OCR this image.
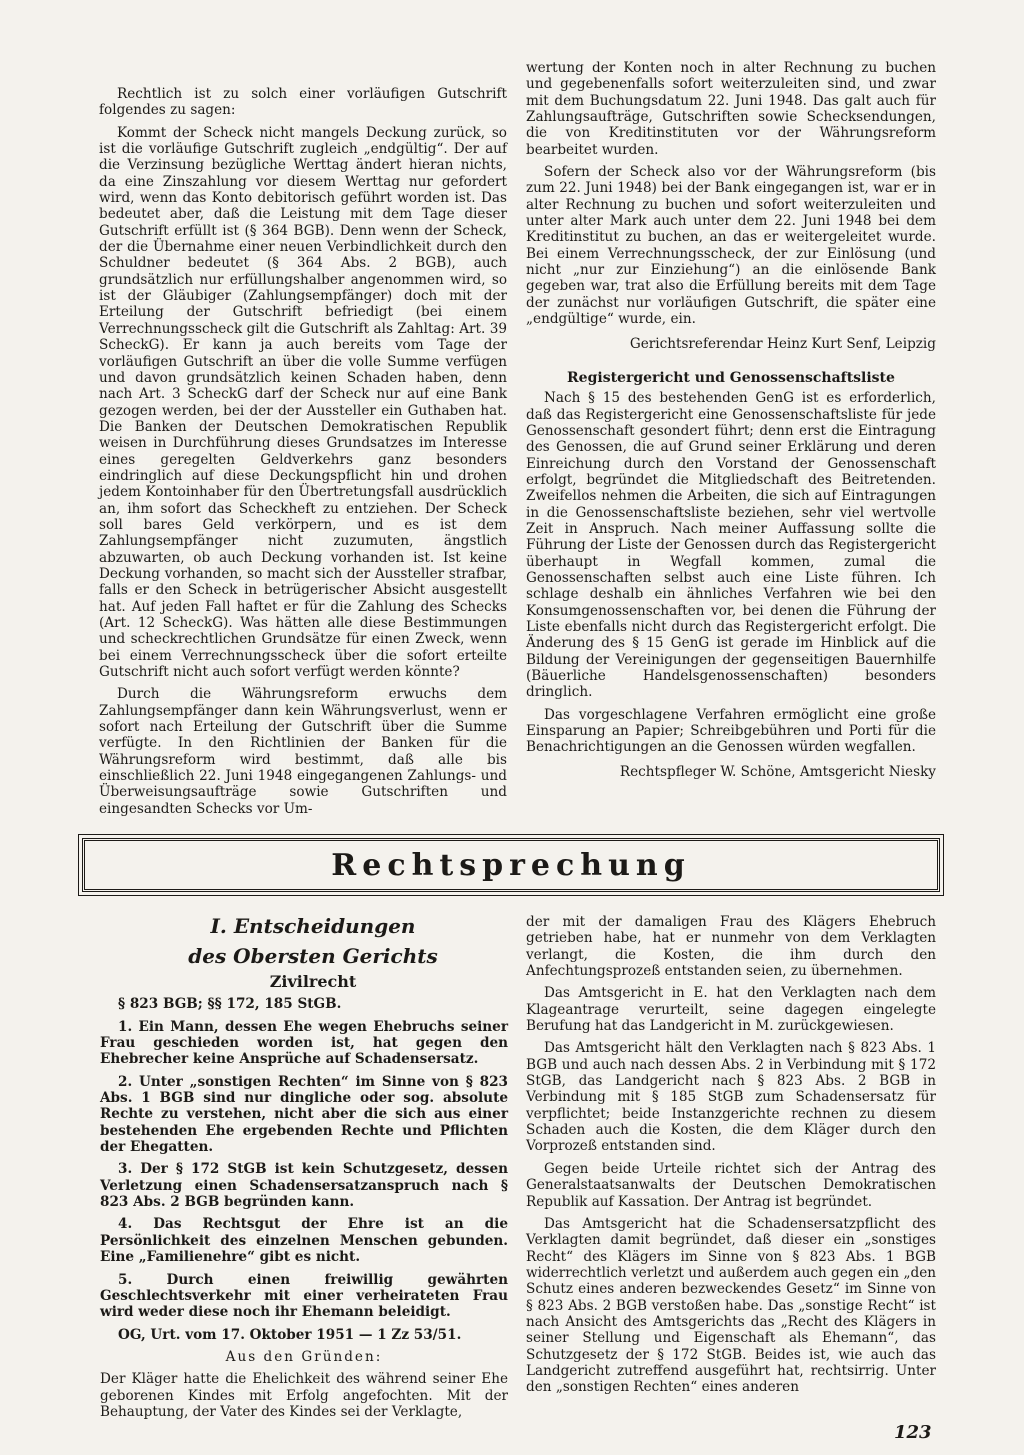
Rechtlich ist zu solch einer vorläufigen Gutschrift folgendes zu sagen:

Kommt der Scheck nicht mangels Deckung zurück, so ist die vorläufige Gutschrift zugleich „endgültig“. Der auf die Verzinsung bezügliche Werttag ändert hieran nichts, da eine Zinszahlung vor diesem Werttag nur gefordert wird, wenn das Konto debitorisch geführt worden ist. Das bedeutet aber, daß die Leistung mit dem Tage dieser Gutschrift erfüllt ist (§ 364 BGB). Denn wenn der Scheck, der die Übernahme einer neuen Verbindlichkeit durch den Schuldner bedeutet (§ 364 Abs. 2 BGB), auch grundsätzlich nur erfüllungshalber angenommen wird, so ist der Gläubiger (Zahlungsempfänger) doch mit der Erteilung der Gutschrift befriedigt (bei einem Verrechnungsscheck gilt die Gutschrift als Zahltag: Art. 39 ScheckG). Er kann ja auch bereits vom Tage der vorläufigen Gutschrift an über die volle Summe verfügen und davon grundsätzlich keinen Schaden haben, denn nach Art. 3 ScheckG darf der Scheck nur auf eine Bank gezogen werden, bei der der Aussteller ein Guthaben hat. Die Banken der Deutschen Demokratischen Republik weisen in Durchführung dieses Grundsatzes im Interesse eines geregelten Geldverkehrs ganz besonders eindringlich auf diese Deckungspflicht hin und drohen jedem Kontoinhaber für den Übertretungsfall ausdrücklich an, ihm sofort das Scheckheft zu entziehen. Der Scheck soll bares Geld verkörpern, und es ist dem Zahlungsempfänger nicht zuzumuten, ängstlich abzuwarten, ob auch Deckung vorhanden ist. Ist keine Deckung vorhanden, so macht sich der Aussteller strafbar, falls er den Scheck in betrügerischer Absicht ausgestellt hat. Auf jeden Fall haftet er für die Zahlung des Schecks (Art. 12 ScheckG). Was hätten alle diese Bestimmungen und scheckrechtlichen Grundsätze für einen Zweck, wenn bei einem Verrechnungsscheck über die sofort erteilte Gutschrift nicht auch sofort verfügt werden könnte?

Durch die Währungsreform erwuchs dem Zahlungsempfänger dann kein Währungsverlust, wenn er sofort nach Erteilung der Gutschrift über die Summe verfügte. In den Richtlinien der Banken für die Währungsreform wird bestimmt, daß alle bis einschließlich 22. Juni 1948 eingegangenen Zahlungs- und Überweisungsaufträge sowie Gutschriften und eingesandten Schecks vor Um-

wertung der Konten noch in alter Rechnung zu buchen und gegebenenfalls sofort weiterzuleiten sind, und zwar mit dem Buchungsdatum 22. Juni 1948. Das galt auch für Zahlungsaufträge, Gutschriften sowie Schecksendungen, die von Kreditinstituten vor der Währungsreform bearbeitet wurden.

Sofern der Scheck also vor der Währungsreform (bis zum 22. Juni 1948) bei der Bank eingegangen ist, war er in alter Rechnung zu buchen und sofort weiterzuleiten und unter alter Mark auch unter dem 22. Juni 1948 bei dem Kreditinstitut zu buchen, an das er weitergeleitet wurde. Bei einem Verrechnungsscheck, der zur Einlösung (und nicht „nur zur Einziehung“) an die einlösende Bank gegeben war, trat also die Erfüllung bereits mit dem Tage der zunächst nur vorläufigen Gutschrift, die später eine „endgültige“ wurde, ein.

Gerichtsreferendar Heinz Kurt Senf, Leipzig

Registergericht und Genossenschaftsliste

Nach § 15 des bestehenden GenG ist es erforderlich, daß das Registergericht eine Genossenschaftsliste für jede Genossenschaft gesondert führt; denn erst die Eintragung des Genossen, die auf Grund seiner Erklärung und deren Einreichung durch den Vorstand der Genossenschaft erfolgt, begründet die Mitgliedschaft des Beitretenden. Zweifellos nehmen die Arbeiten, die sich auf Eintragungen in die Genossenschaftsliste beziehen, sehr viel wertvolle Zeit in Anspruch. Nach meiner Auffassung sollte die Führung der Liste der Genossen durch das Registergericht überhaupt in Wegfall kommen, zumal die Genossenschaften selbst auch eine Liste führen. Ich schlage deshalb ein ähnliches Verfahren wie bei den Konsumgenossenschaften vor, bei denen die Führung der Liste ebenfalls nicht durch das Registergericht erfolgt. Die Änderung des § 15 GenG ist gerade im Hinblick auf die Bildung der Vereinigungen der gegenseitigen Bauernhilfe (Bäuerliche Handelsgenossenschaften) besonders dringlich.

Das vorgeschlagene Verfahren ermöglicht eine große Einsparung an Papier; Schreibgebühren und Porti für die Benachrichtigungen an die Genossen würden wegfallen.

Rechtspfleger W. Schöne, Amtsgericht Niesky

Rechtsprechung

I. Entscheidungen

des Obersten Gerichts

Zivilrecht

§ 823 BGB; §§ 172, 185 StGB.

1. Ein Mann, dessen Ehe wegen Ehebruchs seiner Frau geschieden worden ist, hat gegen den Ehebrecher keine Ansprüche auf Schadensersatz.

2. Unter „sonstigen Rechten“ im Sinne von § 823 Abs. 1 BGB sind nur dingliche oder sog. absolute Rechte zu verstehen, nicht aber die sich aus einer bestehenden Ehe ergebenden Rechte und Pflichten der Ehegatten.

3. Der § 172 StGB ist kein Schutzgesetz, dessen Verletzung einen Schadensersatzanspruch nach § 823 Abs. 2 BGB begründen kann.

4. Das Rechtsgut der Ehre ist an die Persönlichkeit des einzelnen Menschen gebunden. Eine „Familienehre“ gibt es nicht.

5. Durch einen freiwillig gewährten Geschlechtsverkehr mit einer verheirateten Frau wird weder diese noch ihr Ehemann beleidigt.

OG, Urt. vom 17. Oktober 1951 — 1 Zz 53/51.

Aus den Gründen:

Der Kläger hatte die Ehelichkeit des während seiner Ehe geborenen Kindes mit Erfolg angefochten. Mit der Behauptung, der Vater des Kindes sei der Verklagte,

der mit der damaligen Frau des Klägers Ehebruch getrieben habe, hat er nunmehr von dem Verklagten verlangt, die Kosten, die ihm durch den Anfechtungsprozeß entstanden seien, zu übernehmen.

Das Amtsgericht in E. hat den Verklagten nach dem Klageantrage verurteilt, seine dagegen eingelegte Berufung hat das Landgericht in M. zurückgewiesen.

Das Amtsgericht hält den Verklagten nach § 823 Abs. 1 BGB und auch nach dessen Abs. 2 in Verbindung mit § 172 StGB, das Landgericht nach § 823 Abs. 2 BGB in Verbindung mit § 185 StGB zum Schadensersatz für verpflichtet; beide Instanzgerichte rechnen zu diesem Schaden auch die Kosten, die dem Kläger durch den Vorprozeß entstanden sind.

Gegen beide Urteile richtet sich der Antrag des Generalstaatsanwalts der Deutschen Demokratischen Republik auf Kassation. Der Antrag ist begründet.

Das Amtsgericht hat die Schadensersatzpflicht des Verklagten damit begründet, daß dieser ein „sonstiges Recht“ des Klägers im Sinne von § 823 Abs. 1 BGB widerrechtlich verletzt und außerdem auch gegen ein „den Schutz eines anderen bezweckendes Gesetz“ im Sinne von § 823 Abs. 2 BGB verstoßen habe. Das „sonstige Recht“ ist nach Ansicht des Amtsgerichts das „Recht des Klägers in seiner Stellung und Eigenschaft als Ehemann“, das Schutzgesetz der § 172 StGB. Beides ist, wie auch das Landgericht zutreffend ausgeführt hat, rechtsirrig. Unter den „sonstigen Rechten“ eines anderen

123
